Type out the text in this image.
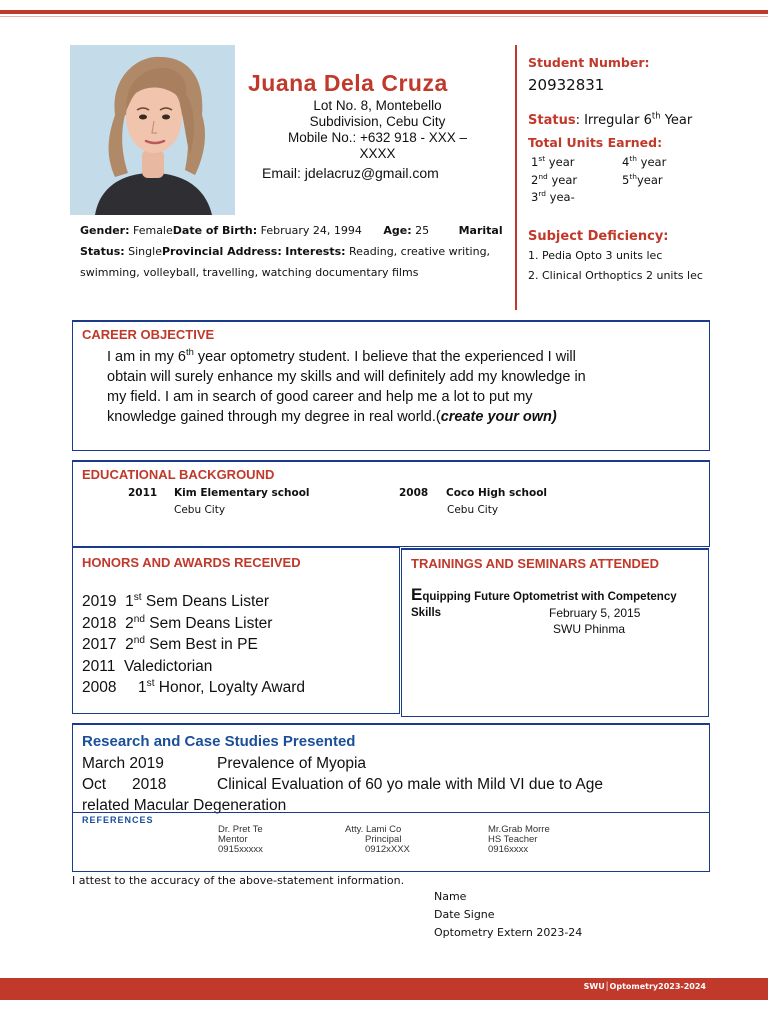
Juana Dela Cruza
Lot No. 8, Montebello
Subdivision, Cebu City
Mobile No.: +632 918 - XXX –
XXXX
Email: jdelacruz@gmail.com
Gender: FemaleDate of Birth: February 24, 1994 Age: 25	Marital
Status: SingleProvincial Address: Interests: Reading, creative writing,
swimming, volleyball, travelling, watching documentary films
Student Number:
20932831
Status: Irregular 6th Year
Total Units Earned:
1st year	4th year
2nd year	5thyear
3rd yea-
Subject Deficiency:
1. Pedia Opto 3 units lec
2. Clinical Orthoptics 2 units lec
CAREER OBJECTIVE
I am in my 6th year optometry student. I believe that the experienced I will
obtain will surely enhance my skills and will definitely add my knowledge in
my field. I am in search of good career and help me a lot to put my
knowledge gained through my degree in real world.(create your own)
EDUCATIONAL BACKGROUND
2011 Kim Elementary school
Cebu City
2008 Coco High school
Cebu City
HONORS AND AWARDS RECEIVED
2019 1st Sem Deans Lister
2018 2nd Sem Deans Lister
2017 2nd Sem Best in PE
2011 Valedictorian
2008 1st Honor, Loyalty Award
TRAININGS AND SEMINARS ATTENDED
Equipping Future Optometrist with Competency
Skills	February 5, 2015
SWU Phinma
Research and Case Studies Presented
March 2019	Prevalence of Myopia
Oct      2018	Clinical Evaluation of 60 yo male with Mild VI due to Age
related Macular Degeneration
REFERENCES
Dr. Pret Te
Mentor
0915xxxxx
Atty. Lami Co
Principal
0912xXXX
Mr.Grab Morre
HS Teacher
0916xxxx
I attest to the accuracy of the above-statement information.
Name
Date Signe
Optometry Extern 2023-24
SWU│Optometry2023-2024
